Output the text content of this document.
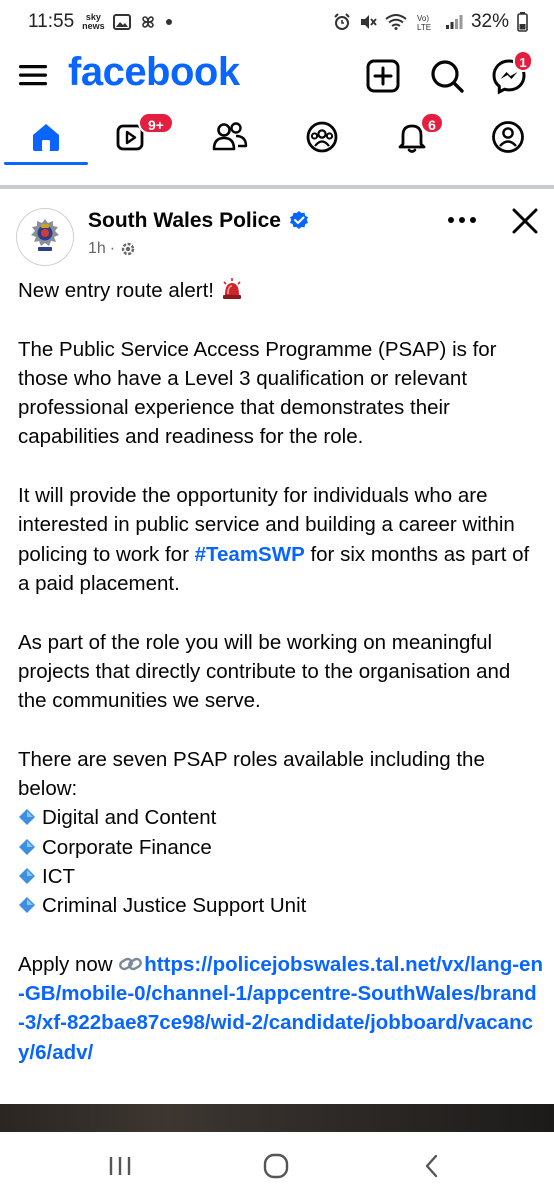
11:55	sky
news
Vo)
LTE 32%
facebook	1
9+	6
South Wales Police
1h ·

New entry route alert!

The Public Service Access Programme (PSAP) is for those who have a Level 3 qualification or relevant professional experience that demonstrates their capabilities and readiness for the role.

It will provide the opportunity for individuals who are interested in public service and building a career within policing to work for #TeamSWP for six months as part of a paid placement.

As part of the role you will be working on meaningful projects that directly contribute to the organisation and the communities we serve.

There are seven PSAP roles available including the below:

Digital and Content

Corporate Finance

ICT

Criminal Justice Support Unit

Apply now https://policejobswales.tal.net/vx/lang-en-GB/mobile-0/channel-1/appcentre-SouthWales/brand-3/xf-822bae87ce98/wid-2/candidate/jobboard/vacancy/6/adv/
